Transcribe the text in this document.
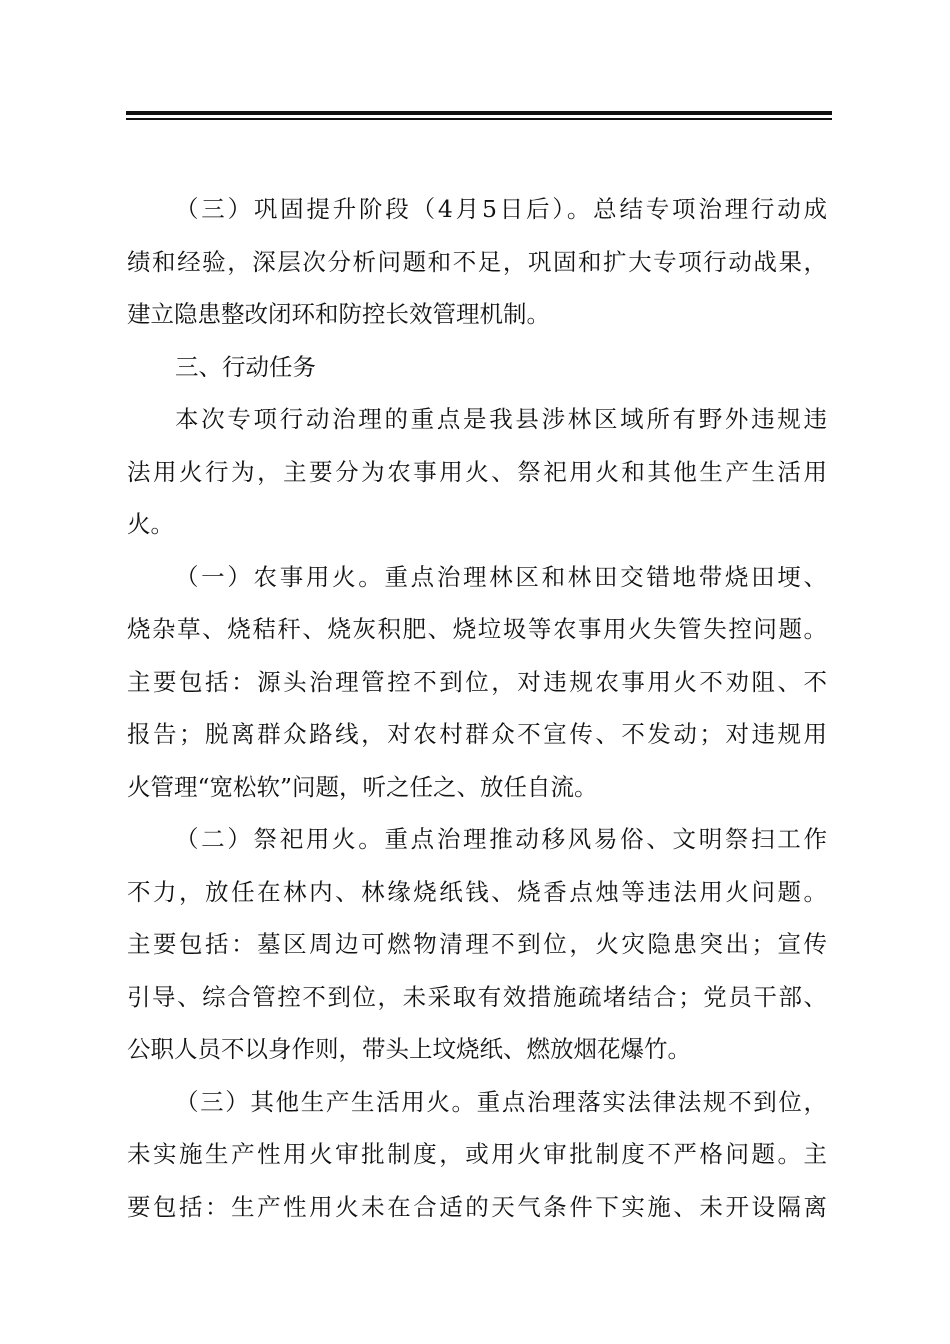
（三）巩固提升阶段（4月5日后）。总结专项治理行动成
绩和经验，深层次分析问题和不足，巩固和扩大专项行动战果，
建立隐患整改闭环和防控长效管理机制。
三、行动任务
本次专项行动治理的重点是我县涉林区域所有野外违规违
法用火行为，主要分为农事用火、祭祀用火和其他生产生活用
火。
（一）农事用火。重点治理林区和林田交错地带烧田埂、
烧杂草、烧秸秆、烧灰积肥、烧垃圾等农事用火失管失控问题。
主要包括：源头治理管控不到位，对违规农事用火不劝阻、不
报告；脱离群众路线，对农村群众不宣传、不发动；对违规用
火管理“宽松软”问题，听之任之、放任自流。
（二）祭祀用火。重点治理推动移风易俗、文明祭扫工作
不力，放任在林内、林缘烧纸钱、烧香点烛等违法用火问题。
主要包括：墓区周边可燃物清理不到位，火灾隐患突出；宣传
引导、综合管控不到位，未采取有效措施疏堵结合；党员干部、
公职人员不以身作则，带头上坟烧纸、燃放烟花爆竹。
（三）其他生产生活用火。重点治理落实法律法规不到位，
未实施生产性用火审批制度，或用火审批制度不严格问题。主
要包括：生产性用火未在合适的天气条件下实施、未开设隔离
